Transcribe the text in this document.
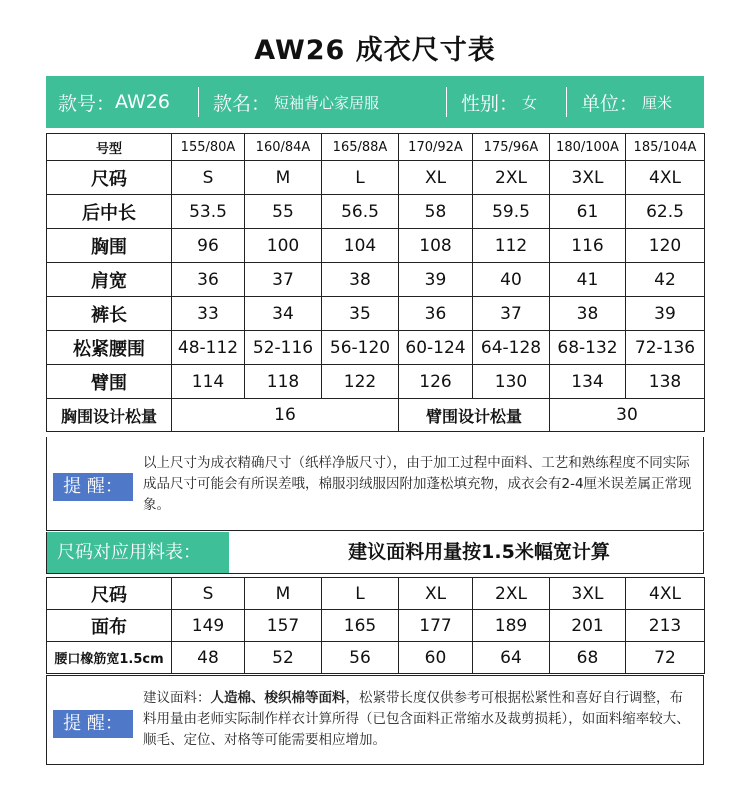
AW26 成衣尺寸表
款号： AW26 款名： 短袖背心家居服	性别： 女 单位： 厘米
号型	155/80A	160/84A	165/88A	170/92A	175/96A	180/100A	185/104A
尺码	S	M	L	XL	2XL	3XL	4XL
后中长	53.5	55	56.5	58	59.5	61	62.5
胸围	96	100	104	108	112	116	120
肩宽	36	37	38	39	40	41	42
裤长	33	34	35	36	37	38	39
松紧腰围	48-112	52-116	56-120	60-124	64-128	68-132	72-136
臂围	114	118	122	126	130	134	138
胸围设计松量	16			臂围设计松量		30	
提 醒：
以上尺寸为成衣精确尺寸（纸样净版尺寸），由于加工过程中面料、工艺和熟练程度不同实际成品尺寸可能会有所误差哦，棉服羽绒服因附加蓬松填充物，成衣会有2-4厘米误差属正常现象。
尺码对应用料表：	建议面料用量按1.5米幅宽计算
尺码	S	M	L	XL	2XL	3XL	4XL
面布	149	157	165	177	189	201	213
腰口橡筋宽1.5cm	48	52	56	60	64	68	72
提 醒：
建议面料：人造棉、梭织棉等面料，松紧带长度仅供参考可根据松紧性和喜好自行调整，布料用量由老师实际制作样衣计算所得（已包含面料正常缩水及裁剪损耗），如面料缩率较大、顺毛、定位、对格等可能需要相应增加。
